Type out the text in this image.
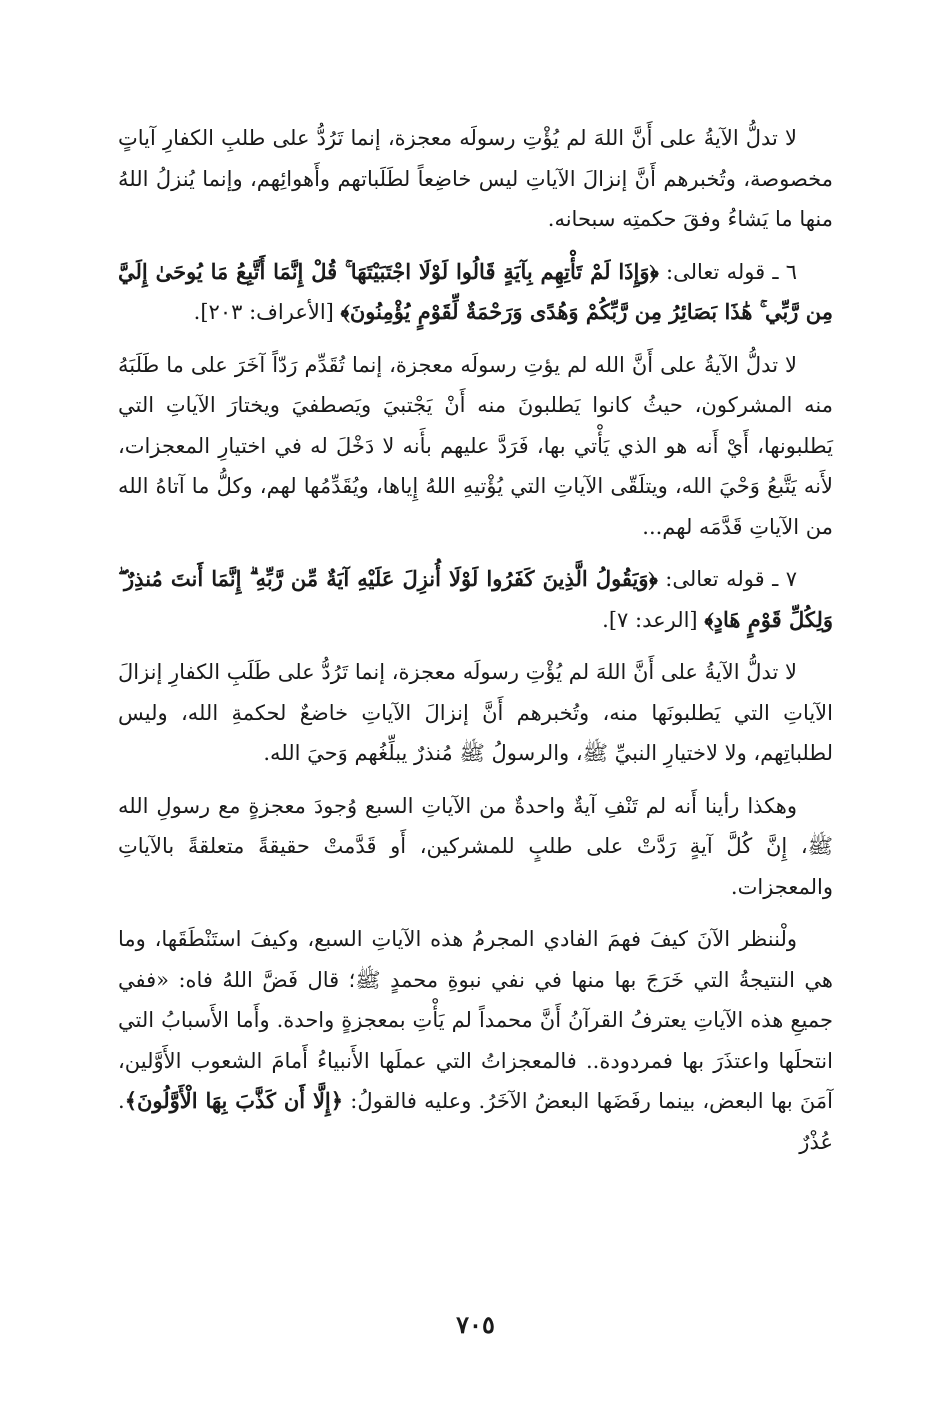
لا تدلُّ الآيةُ على أَنَّ اللهَ لم يُؤْتِ رسولَه معجزة، إنما تَرُدُّ على طلبِ الكفارِ آياتٍ مخصوصة، وتُخبرهم أَنَّ إنزالَ الآياتِ ليس خاضِعاً لطَلَباتهم وأَهوائِهم، وإنما يُنزلُ اللهُ منها ما يَشاءُ وفقَ حكمتِه سبحانه.

٦ ـ قوله تعالى: ﴿وَإِذَا لَمْ تَأْتِهِم بِآيَةٍ قَالُوا لَوْلَا اجْتَبَيْتَهَا ۚ قُلْ إِنَّمَا أَتَّبِعُ مَا يُوحَىٰ إِلَيَّ مِن رَّبِّي ۚ هَٰذَا بَصَائِرُ مِن رَّبِّكُمْ وَهُدًى وَرَحْمَةٌ لِّقَوْمٍ يُؤْمِنُونَ﴾ [الأعراف: ٢٠٣].

لا تدلُّ الآيةُ على أَنَّ الله لم يؤتِ رسولَه معجزة، إنما تُقَدِّم رَدّاً آخَرَ على ما طَلَبَهُ منه المشركون، حيثُ كانوا يَطلبونَ منه أَنْ يَجْتبيَ ويَصطفيَ ويختارَ الآياتِ التي يَطلبونها، أَيْ أَنه هو الذي يَأْتي بها، فَرَدَّ عليهم بأَنه لا دَخْلَ له في اختيارِ المعجزات، لأَنه يَتَّبعُ وَحْيَ الله، ويتلَقّى الآياتِ التي يُؤْتيهِ اللهُ إِياها، ويُقَدِّمُها لهم، وكلُّ ما آتاهُ الله من الآياتِ قَدَّمَه لهم...

٧ ـ قوله تعالى: ﴿وَيَقُولُ الَّذِينَ كَفَرُوا لَوْلَا أُنزِلَ عَلَيْهِ آيَةٌ مِّن رَّبِّهِ ۗ إِنَّمَا أَنتَ مُنذِرٌ ۖ وَلِكُلِّ قَوْمٍ هَادٍ﴾ [الرعد: ٧].

لا تدلُّ الآيةُ على أَنَّ اللهَ لم يُؤْتِ رسولَه معجزة، إنما تَرُدُّ على طَلَبِ الكفارِ إنزالَ الآياتِ التي يَطلبونَها منه، وتُخبرهم أَنَّ إنزالَ الآياتِ خاضعٌ لحكمةِ الله، وليس لطلباتِهم، ولا لاختيارِ النبيِّ ﷺ، والرسولُ ﷺ مُنذرٌ يبلِّغُهم وَحيَ الله.

وهكذا رأينا أَنه لم تَنْفِ آيةٌ واحدةٌ من الآياتِ السبع وُجودَ معجزةٍ مع رسولِ الله ﷺ، إِنَّ كُلَّ آيةٍ رَدَّتْ على طلبٍ للمشركين، أَو قَدَّمتْ حقيقةً متعلقةً بالآياتِ والمعجزات.

ولْننظر الآنَ كيفَ فهمَ الفادي المجرمُ هذه الآياتِ السبع، وكيفَ استَنْطَقَها، وما هي النتيجةُ التي خَرَجَ بها منها في نفي نبوةِ محمدٍ ﷺ؛ قال فَضَّ اللهُ فاه: «ففي جميعِ هذه الآياتِ يعترفُ القرآنُ أَنَّ محمداً لم يَأْتِ بمعجزةٍ واحدة. وأَما الأَسبابُ التي انتحلَها واعتذَرَ بها فمردودة.. فالمعجزاتُ التي عملَها الأَنبياءُ أَمامَ الشعوب الأَوَّلين، آمَنَ بها البعض، بينما رفَضَها البعضُ الآخَرُ. وعليه فالقولُ: ﴿إِلَّا أَن كَذَّبَ بِهَا الْأَوَّلُونَ﴾. عُذْرٌ

٧٠٥
